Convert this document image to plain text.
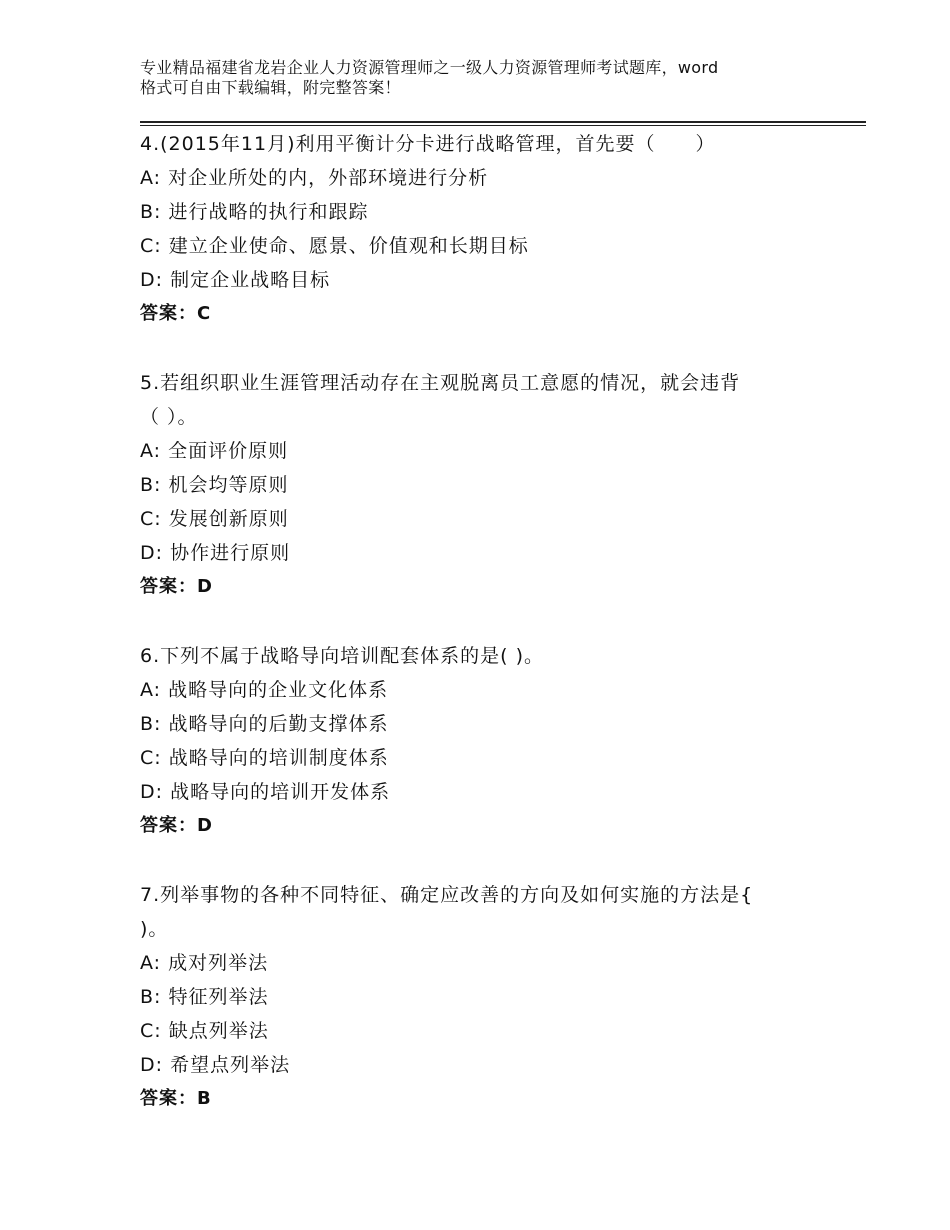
专业精品福建省龙岩企业人力资源管理师之一级人力资源管理师考试题库，word
格式可自由下载编辑，附完整答案！
4.(2015年11月)利用平衡计分卡进行战略管理，首先要（　　）
A: 对企业所处的内，外部环境进行分析
B: 进行战略的执行和跟踪
C: 建立企业使命、愿景、价值观和长期目标
D: 制定企业战略目标
答案：C
5.若组织职业生涯管理活动存在主观脱离员工意愿的情况，就会违背
（ ）。
A: 全面评价原则
B: 机会均等原则
C: 发展创新原则
D: 协作进行原则
答案：D
6.下列不属于战略导向培训配套体系的是( )。
A: 战略导向的企业文化体系
B: 战略导向的后勤支撑体系
C: 战略导向的培训制度体系
D: 战略导向的培训开发体系
答案：D
7.列举事物的各种不同特征、确定应改善的方向及如何实施的方法是{
)。
A: 成对列举法
B: 特征列举法
C: 缺点列举法
D: 希望点列举法
答案：B
